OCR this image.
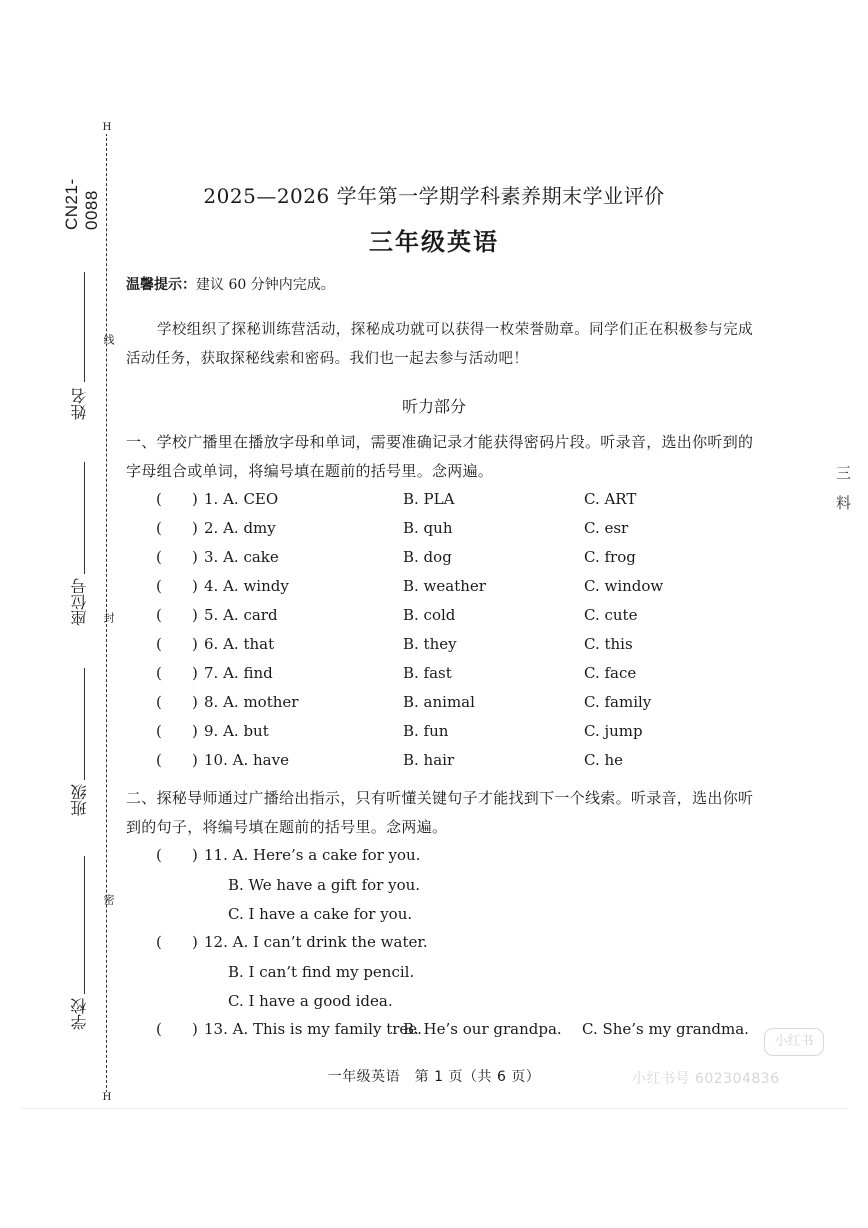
CN21-0088
H
H
线
封
密
姓名
座位号
班级
学校
2025—2026 学年第一学期学科素养期末学业评价
三年级英语
温馨提示：建议 60 分钟内完成。
学校组织了探秘训练营活动，探秘成功就可以获得一枚荣誉勋章。同学们正在积极参与完成活动任务，获取探秘线索和密码。我们也一起去参与活动吧！
听力部分
一、学校广播里在播放字母和单词，需要准确记录才能获得密码片段。听录音，选出你听到的字母组合或单词，将编号填在题前的括号里。念两遍。
( ) 1. A. CEO	B. PLA	C. ART
( ) 2. A. dmy	B. quh	C. esr
( ) 3. A. cake	B. dog	C. frog
( ) 4. A. windy	B. weather	C. window
( ) 5. A. card	B. cold	C. cute
( ) 6. A. that	B. they	C. this
( ) 7. A. find	B. fast	C. face
( ) 8. A. mother	B. animal	C. family
( ) 9. A. but	B. fun	C. jump
( ) 10. A. have	B. hair	C. he
二、探秘导师通过广播给出指示，只有听懂关键句子才能找到下一个线索。听录音，选出你听到的句子，将编号填在题前的括号里。念两遍。
( ) 11. A. Here’s a cake for you.
B. We have a gift for you.
C. I have a cake for you.
( ) 12. A. I can’t drink the water.
B. I can’t find my pencil.
C. I have a good idea.
( ) 13. A. This is my family tree.
B. He’s our grandpa. C. She’s my grandma.
一年级英语　第 1 页（共 6 页）
小红书
小红书号 602304836
三
料
